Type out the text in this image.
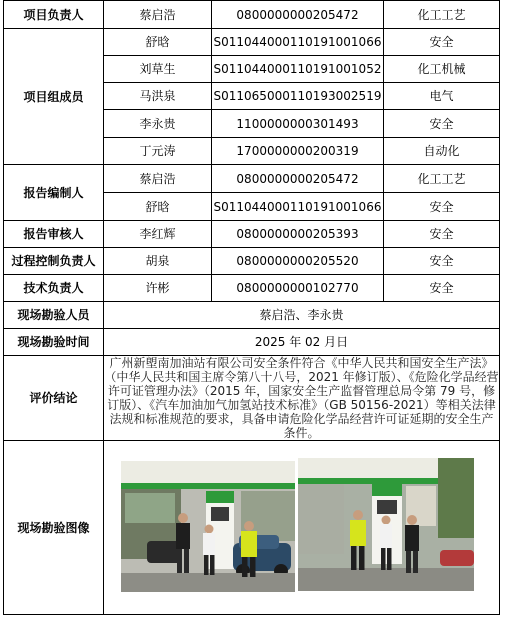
项目负责人	蔡启浩	0800000000205472	化工工艺
项目组成员	舒晗	S011044000110191001066	安全
	刘草生	S011044000110191001052	化工机械
	马洪泉	S011065000110193002519	电气
	李永贵	1100000000301493	安全
	丁元涛	1700000000200319	自动化
报告编制人	蔡启浩	0800000000205472	化工工艺
	舒晗	S011044000110191001066	安全
报告审核人	李红辉	0800000000205393	安全
过程控制负责人	胡泉	0800000000205520	安全
技术负责人	许彬	0800000000102770	安全
现场勘验人员	蔡启浩、李永贵		
现场勘验时间	2025 年 02 月日		
评价结论	广州新塱南加油站有限公司安全条件符合《中华人民共和国安全生产法》（中华人民共和国主席令第八十八号，2021 年修订版）、《危险化学品经营许可证管理办法》（2015 年，国家安全生产监督管理总局令第 79 号，修订版）、《汽车加油加气加氢站技术标准》（GB 50156-2021）等相关法律法规和标准规范的要求，具备申请危险化学品经营许可证延期的安全生产条件。		
现场勘验图像	
